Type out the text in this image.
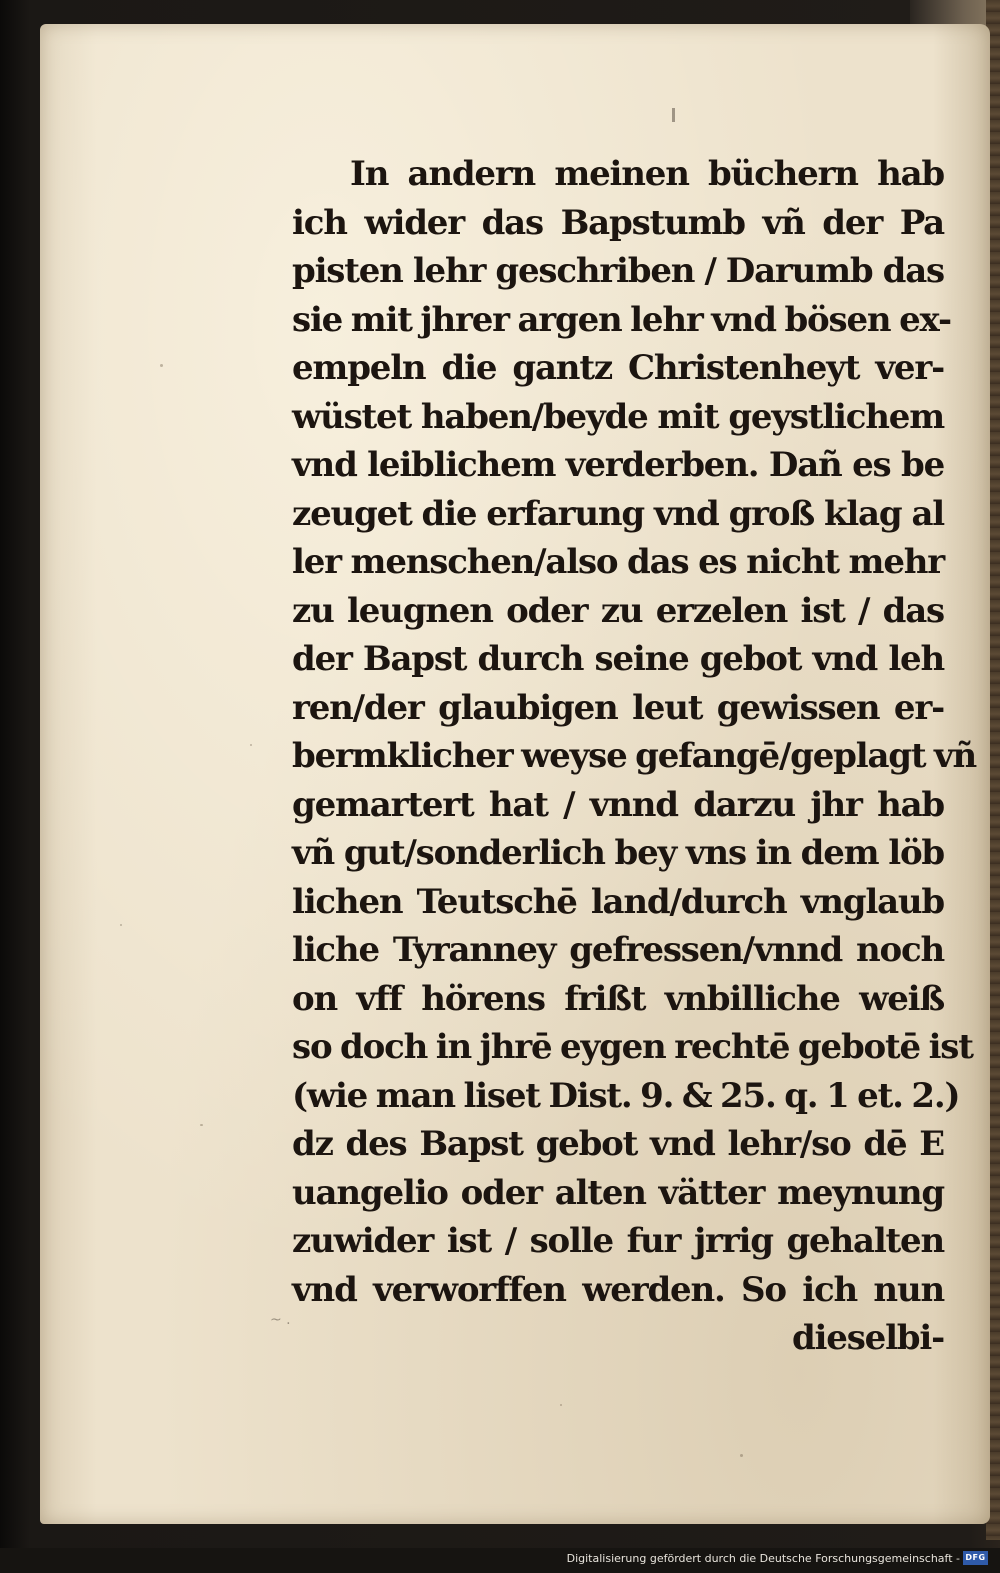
~ .
In andern meinen büchern hab
ich wider das Bapstumb vñ der Pa
pisten lehr geschriben / Darumb das
sie mit jhrer argen lehr vnd bösen ex-
empeln die gantz Christenheyt ver-
wüstet haben/beyde mit geystlichem
vnd leiblichem verderben. Dañ es be
zeuget die erfarung vnd groß klag al
ler menschen/also das es nicht mehr
zu leugnen oder zu erzelen ist / das
der Bapst durch seine gebot vnd leh
ren/der glaubigen leut gewissen er-
bermklicher weyse gefangē/geplagt vñ
gemartert hat / vnnd darzu jhr hab
vñ gut/sonderlich bey vns in dem löb
lichen Teutschē land/durch vnglaub
liche Tyranney gefressen/vnnd noch
on vff hörens frißt vnbilliche weiß
so doch in jhrē eygen rechtē gebotē ist
(wie man liset Dist. 9. & 25. q. 1 et. 2.)
dz des Bapst gebot vnd lehr/so dē E
uangelio oder alten vätter meynung
zuwider ist / solle fur jrrig gehalten
vnd verworffen werden. So ich nun
dieselbi-
Digitalisierung gefördert durch die Deutsche Forschungsgemeinschaft - DFG
